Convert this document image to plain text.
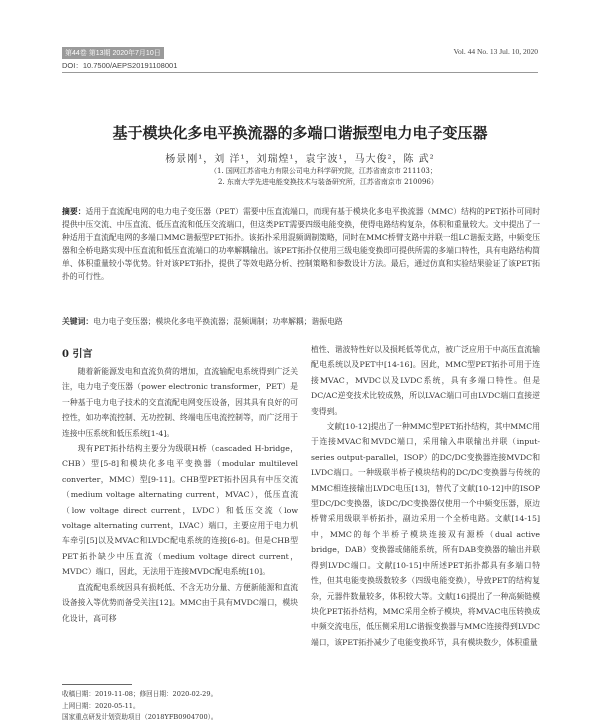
第44卷 第13期 2020年7月10日
DOI：10.7500/AEPS20191108001
Vol. 44 No. 13 Jul. 10, 2020
基于模块化多电平换流器的多端口谐振型电力电子变压器
杨景刚¹，刘 洋¹，刘瑞煌¹，袁宇波¹，马大俊²，陈 武²
（1. 国网江苏省电力有限公司电力科学研究院，江苏省南京市 211103；
2. 东南大学先进电能变换技术与装备研究所，江苏省南京市 210096）
摘要：适用于直流配电网的电力电子变压器（PET）需要中压直流端口，而现有基于模块化多电平换流器（MMC）结构的PET拓扑可同时提供中压交流、中压直流、低压直流和低压交流端口，但这类PET需要四级电能变换，使得电路结构复杂，体积和重量较大。文中提出了一种适用于直流配电网的多端口MMC谐振型PET拓扑。该拓扑采用混频调制策略，同时在MMC桥臂支路中并联一组LC谐振支路，中频变压器和全桥电路实现中压直流和低压直流端口的功率解耦输出。该PET拓扑仅使用三级电能变换即可提供所需的多端口特性，具有电路结构简单、体积重量较小等优势。针对该PET拓扑，提供了等效电路分析、控制策略和参数设计方法。最后，通过仿真和实验结果验证了该PET拓扑的可行性。
关键词：电力电子变压器；模块化多电平换流器；混频调制；功率解耦；谐振电路
0 引言

随着新能源发电和直流负荷的增加，直流输配电系统得到广泛关注，电力电子变压器（power electronic transformer，PET）是一种基于电力电子技术的交直流配电网变压设备，因其具有良好的可控性，如功率流控制、无功控制、终端电压电流控制等，而广泛用于连接中压系统和低压系统[1-4]。

现有PET拓扑结构主要分为级联H桥（cascaded H-bridge，CHB）型[5-8]和模块化多电平变换器（modular multilevel converter，MMC）型[9-11]。CHB型PET拓扑因具有中压交流（medium voltage alternating current，MVAC），低压直流（low voltage direct current，LVDC）和低压交流（low voltage alternating current，LVAC）端口，主要应用于电力机车牵引[5]以及MVAC和LVDC配电系统的连接[6-8]。但是CHB型PET拓扑缺少中压直流（medium voltage direct current，MVDC）端口，因此，无法用于连接MVDC配电系统[10]。

直流配电系统因具有损耗低、不含无功分量、方便新能源和直流设备接入等优势而备受关注[12]。MMC由于具有MVDC端口，模块化设计，高可移

植性、谐波特性好以及损耗低等优点，被广泛应用于中高压直流输配电系统以及PET中[14-16]。因此，MMC型PET拓扑可用于连接MVAC，MVDC以及LVDC系统，具有多端口特性。但是DC/AC逆变技术比较成熟，所以LVAC端口可由LVDC端口直接逆变得到。

文献[10-12]提出了一种MMC型PET拓扑结构，其中MMC用于连接MVAC和MVDC端口，采用输入串联输出并联（input-series output-parallel，ISOP）的DC/DC变换器连接MVDC和LVDC端口。一种级联半桥子模块结构的DC/DC变换器与传统的MMC相连接输出LVDC电压[13]，替代了文献[10-12]中的ISOP型DC/DC变换器，该DC/DC变换器仅使用一个中频变压器，原边桥臂采用级联半桥拓扑，副边采用一个全桥电路。文献[14-15]中，MMC的每个半桥子模块连接双有源桥（dual active bridge，DAB）变换器或储能系统，所有DAB变换器的输出并联得到LVDC端口。文献[10-15]中所述PET拓扑都具有多端口特性，但其电能变换级数较多（四级电能变换），导致PET的结构复杂，元器件数量较多，体积较大等。文献[16]提出了一种高频链模块化PET拓扑结构，MMC采用全桥子模块，将MVAC电压转换成中频交流电压，低压侧采用LC谐振变换器与MMC连接得到LVDC端口，该PET拓扑减少了电能变换环节，具有模块数少，体积重量

收稿日期：2019-11-08；修回日期：2020-02-29。
上网日期：2020-05-11。
国家重点研发计划资助项目（2018YFB0904700）。
